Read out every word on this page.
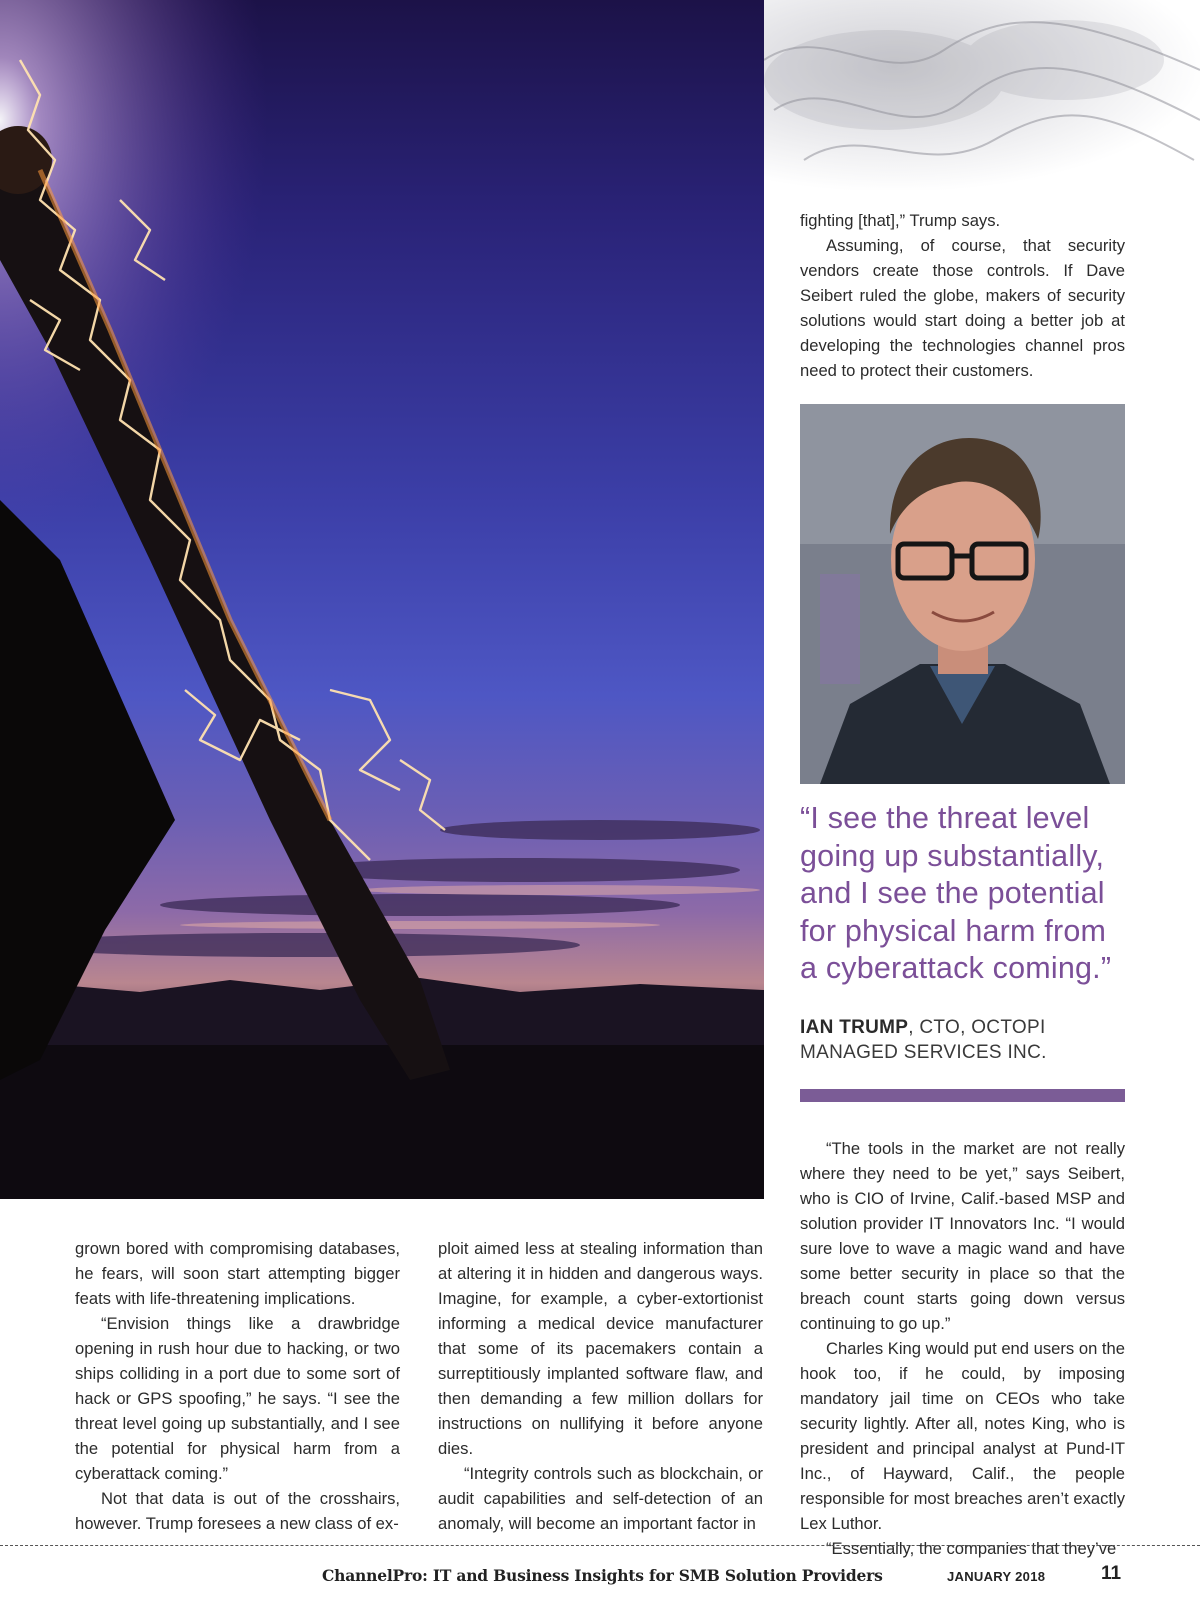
fighting [that],” Trump says.

Assuming, of course, that security vendors create those controls. If Dave Seibert ruled the globe, makers of security solutions would start doing a better job at developing the technologies channel pros need to protect their customers.

“I see the threat level
going up substantially,
and I see the potential
for physical harm from
a cyberattack coming.”
IAN TRUMP, CTO, OCTOPI
MANAGED SERVICES INC.

grown bored with compromising databases, he fears, will soon start attempting bigger feats with life-threatening implications.

“Envision things like a drawbridge opening in rush hour due to hacking, or two ships colliding in a port due to some sort of hack or GPS spoofing,” he says. “I see the threat level going up substantially, and I see the potential for physical harm from a cyberattack coming.”

Not that data is out of the crosshairs, however. Trump foresees a new class of ex-

ploit aimed less at stealing information than at altering it in hidden and dangerous ways. Imagine, for example, a cyber-extortionist informing a medical device manufacturer that some of its pacemakers contain a surreptitiously implanted software flaw, and then demanding a few million dollars for instructions on nullifying it before anyone dies.

“Integrity controls such as blockchain, or audit capabilities and self-detection of an anomaly, will become an important factor in

“The tools in the market are not really where they need to be yet,” says Seibert, who is CIO of Irvine, Calif.-based MSP and solution provider IT Innovators Inc. “I would sure love to wave a magic wand and have some better security in place so that the breach count starts going down versus continuing to go up.”

Charles King would put end users on the hook too, if he could, by imposing mandatory jail time on CEOs who take security lightly. After all, notes King, who is president and principal analyst at Pund-IT Inc., of Hayward, Calif., the people responsible for most breaches aren’t exactly Lex Luthor.

“Essentially, the companies that they’ve

ChannelPro: IT and Business Insights for SMB Solution Providers	JANUARY 2018	11
